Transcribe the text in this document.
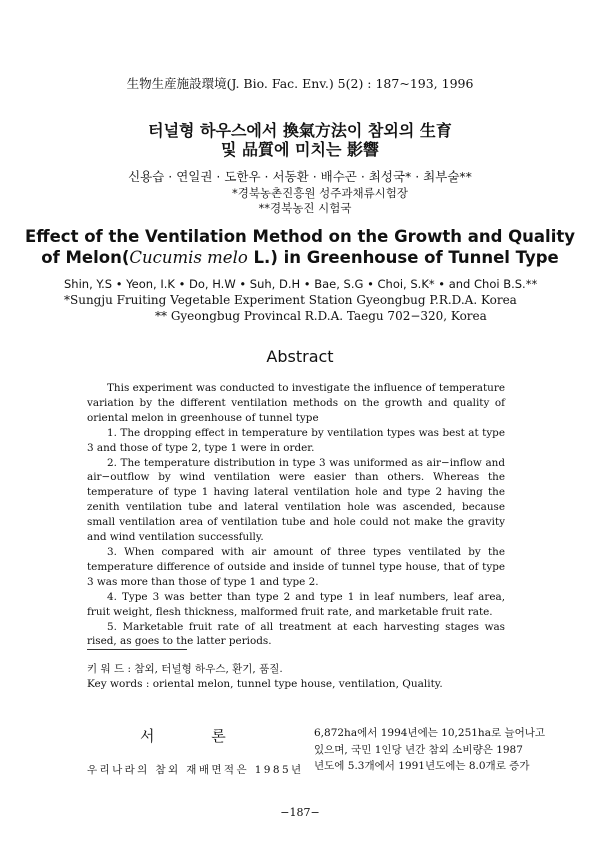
生物生産施設環境(J. Bio. Fac. Env.) 5(2) : 187~193, 1996
터널형 하우스에서 換氣方法이 참외의 生育
및 品質에 미치는 影響
신용습 · 연일권 · 도한우 · 서동환 · 배수곤 · 최성국* · 최부술**
*경북농촌진흥원 성주과채류시험장
**경북농진 시험국
Effect of the Ventilation Method on the Growth and Quality
of Melon(Cucumis melo L.) in Greenhouse of Tunnel Type
Shin, Y.S • Yeon, I.K • Do, H.W • Suh, D.H • Bae, S.G • Choi, S.K* • and Choi B.S.**
*Sungju Fruiting Vegetable Experiment Station Gyeongbug P.R.D.A. Korea
** Gyeongbug Provincal R.D.A. Taegu 702−320, Korea
Abstract

This experiment was conducted to investigate the influence of temperature variation by the different ventilation methods on the growth and quality of oriental melon in greenhouse of tunnel type

1. The dropping effect in temperature by ventilation types was best at type 3 and those of type 2, type 1 were in order.

2. The temperature distribution in type 3 was uniformed as air−inflow and air−outflow by wind ventilation were easier than others. Whereas the temperature of type 1 having lateral ventilation hole and type 2 having the zenith ventilation tube and lateral ventilation hole was ascended, because small ventilation area of ventilation tube and hole could not make the gravity and wind ventilation successfully.

3. When compared with air amount of three types ventilated by the temperature difference of outside and inside of tunnel type house, that of type 3 was more than those of type 1 and type 2.

4. Type 3 was better than type 2 and type 1 in leaf numbers, leaf area, fruit weight, flesh thickness, malformed fruit rate, and marketable fruit rate.

5. Marketable fruit rate of all treatment at each harvesting stages was rised, as goes to the latter periods.

키 워 드 : 참외, 터널형 하우스, 환기, 품질.
Key words : oriental melon, tunnel type house, ventilation, Quality.
서 론
우리나라의 참외 재배면적은 1985년
6,872ha에서 1994년에는 10,251ha로 늘어나고
있으며, 국민 1인당 년간 참외 소비량은 1987
년도에 5.3개에서 1991년도에는 8.0개로 증가
−187−
